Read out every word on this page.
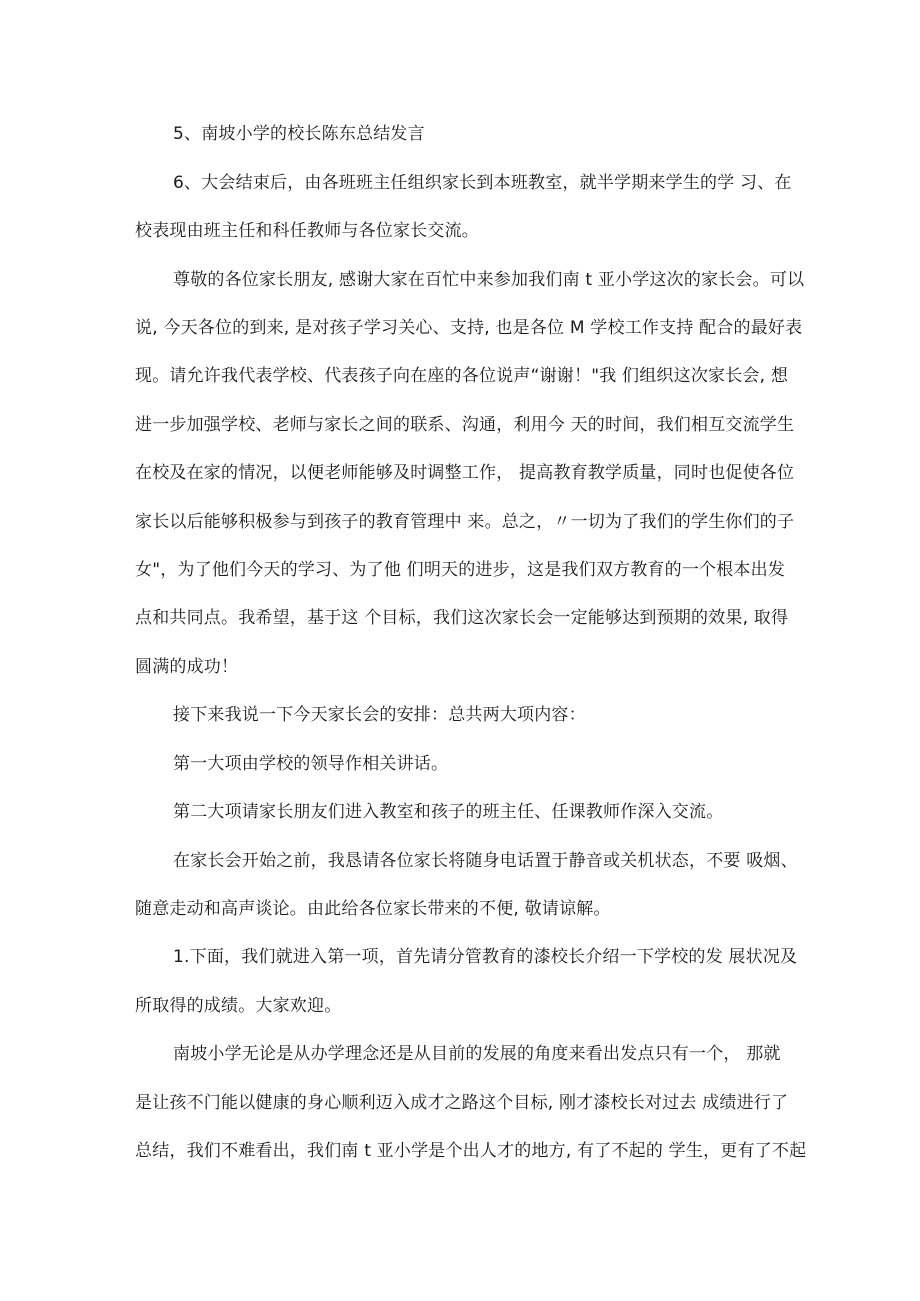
5、南坡小学的校长陈东总结发言
6、大会结束后，由各班班主任组织家长到本班教室，就半学期来学生的学 习、在
校表现由班主任和科任教师与各位家长交流。
尊敬的各位家长朋友, 感谢大家在百忙中来参加我们南 t 亚小学这次的家长会。可以
说, 今天各位的到来, 是对孩子学习关心、支持, 也是各位 M 学校工作支持 配合的最好表
现。请允许我代表学校、代表孩子向在座的各位说声“谢谢！"我 们组织这次家长会, 想
进一步加强学校、老师与家长之间的联系、沟通，利用今 天的时间，我们相互交流学生
在校及在家的情况，以便老师能够及时调整工作， 提高教育教学质量，同时也促使各位
家长以后能够积极参与到孩子的教育管理中 来。总之，〃一切为了我们的学生你们的子
女"，为了他们今天的学习、为了他 们明天的进步，这是我们双方教育的一个根本出发
点和共同点。我希望，基于这 个目标，我们这次家长会一定能够达到预期的效果, 取得
圆满的成功！
接下来我说一下今天家长会的安排：总共两大项内容：
第一大项由学校的领导作相关讲话。
第二大项请家长朋友们进入教室和孩子的班主任、任课教师作深入交流。
在家长会开始之前，我恳请各位家长将随身电话置于静音或关机状态，不要 吸烟、
随意走动和高声谈论。由此给各位家长带来的不便, 敬请谅解。
1.下面，我们就进入第一项，首先请分管教育的漆校长介绍一下学校的发 展状况及
所取得的成绩。大家欢迎。
南坡小学无论是从办学理念还是从目前的发展的角度来看出发点只有一个， 那就
是让孩不门能以健康的身心顺利迈入成才之路这个目标, 刚才漆校长对过去 成绩进行了
总结，我们不难看出，我们南 t 亚小学是个出人才的地方, 有了不起的 学生，更有了不起
